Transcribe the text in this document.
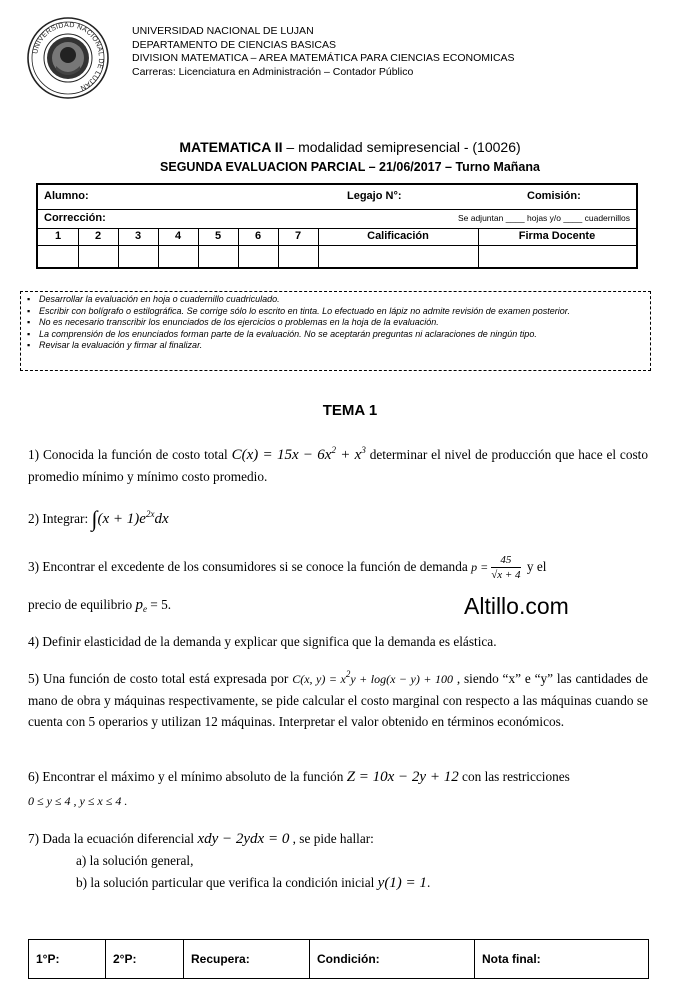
UNIVERSIDAD NACIONAL DE LUJAN
UNIVERSIDAD NACIONAL DE LUJAN
DEPARTAMENTO DE CIENCIAS BASICAS
DIVISION MATEMATICA – AREA MATEMÁTICA PARA CIENCIAS ECONOMICAS
Carreras: Licenciatura en Administración – Contador Público
MATEMATICA II – modalidad semipresencial - (10026)
SEGUNDA EVALUACION PARCIAL – 21/06/2017 – Turno Mañana
Alumno:	Legajo N°:	Comisión:
Corrección:	Se adjuntan ____ hojas y/o ____ cuadernillos
1	2	3	4	5	6	7	Calificación	Firma Docente
▪ Desarrollar la evaluación en hoja o cuadernillo cuadriculado.
▪ Escribir con bolígrafo o estilográfica. Se corrige sólo lo escrito en tinta. Lo efectuado en lápiz no admite revisión de examen posterior.
▪ No es necesario transcribir los enunciados de los ejercicios o problemas en la hoja de la evaluación.
▪ La comprensión de los enunciados forman parte de la evaluación. No se aceptarán preguntas ni aclaraciones de ningún tipo.
▪ Revisar la evaluación y firmar al finalizar.
TEMA 1
1) Conocida la función de costo total $C(x) = 15x - 6x^2 + x^3$ determinar el nivel de producción que hace el costo promedio mínimo y mínimo costo promedio.
2) Integrar: $\int(x + 1)e^{2x}dx$
3) Encontrar el excedente de los consumidores si se conoce la función de demanda $p = \frac{45}{√x + 4}$ y el
precio de equilibrio $p_e = 5$.	Altillo.com
4) Definir elasticidad de la demanda y explicar que significa que la demanda es elástica.
5) Una función de costo total está expresada por C(x, $y) = x^2y + \log(x - y) + 100$ , siendo “x” e “y” las cantidades de mano de obra y máquinas respectivamente, se pide calcular el costo marginal con respecto a las máquinas cuando se cuenta con 5 operarios y utilizan 12 máquinas. Interpretar el valor obtenido en términos económicos.
6) Encontrar el máximo y el mínimo absoluto de la función Z = 10x − 2y + 12 con las restricciones
0 ≤ y ≤ 4 , y ≤ x ≤ 4 .
7) Dada la ecuación diferencial xdy − 2ydx = 0 , se pide hallar:
a) la solución general,
b) la solución particular que verifica la condición inicial y(1) = 1.
1°P:	2°P:	Recupera:	Condición:	Nota final:
